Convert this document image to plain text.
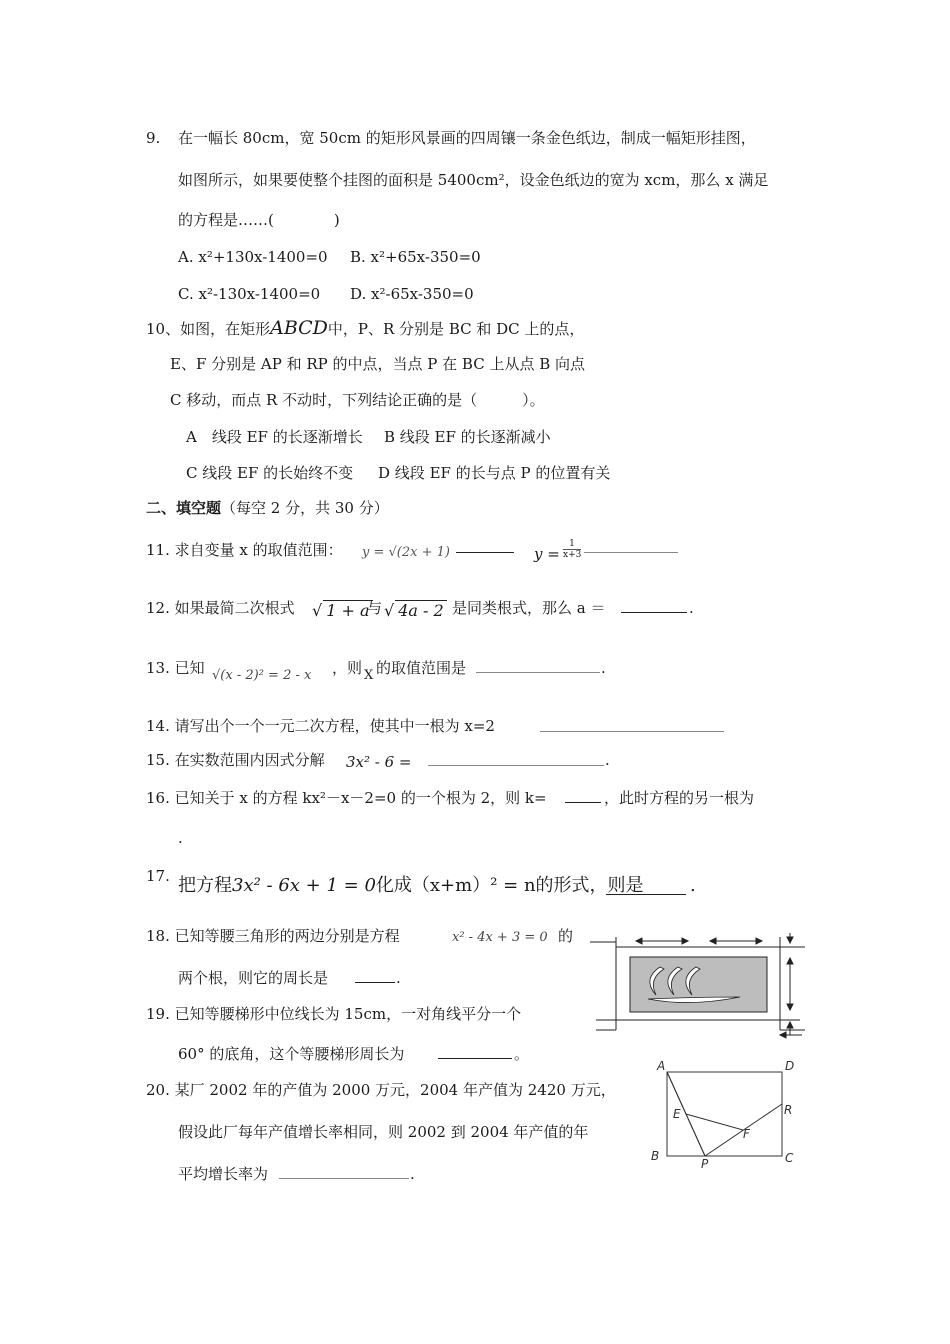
9. 在一幅长 80cm，宽 50cm 的矩形风景画的四周镶一条金色纸边，制成一幅矩形挂图，
如图所示，如果要使整个挂图的面积是 5400cm²，设金色纸边的宽为 xcm，那么 x 满足
的方程是……(　　　　)
A. x²+130x-1400=0 B. x²+65x-350=0
C. x²-130x-1400=0 D. x²-65x-350=0
10、如图，在矩形ABCD中，P、R 分别是 BC 和 DC 上的点，
E、F 分别是 AP 和 RP 的中点，当点 P 在 BC 上从点 B 向点
C 移动，而点 R 不动时，下列结论正确的是（　　　）。
A　线段 EF 的长逐渐增长 B 线段 EF 的长逐渐减小
C 线段 EF 的长始终不变 D 线段 EF 的长与点 P 的位置有关
二、填空题（每空 2 分，共 30 分）
11. 求自变量 x 的取值范围： y = √(2x + 1)	y =
1
x+3
12. 如果最简二次根式 √ 1 + a
与 √ 4a - 2 是同类根式，那么 a ＝	.
13. 已知 √(x - 2)² = 2 - x ，则 X 的取值范围是	.
14. 请写出个一个一元二次方程，使其中一根为 x=2
15. 在实数范围内因式分解 3x² - 6 =	.
16. 已知关于 x 的方程 kx²－x－2=0 的一个根为 2，则 k=	，此时方程的另一根为
.
17. 把方程3x² - 6x + 1 = 0化成（x+m）² = n的形式，则是	.
18. 已知等腰三角形的两边分别是方程	x² - 4x + 3 = 0 的
两个根，则它的周长是	.
19. 已知等腰梯形中位线长为 15cm，一对角线平分一个
60° 的底角，这个等腰梯形周长为	。
20. 某厂 2002 年的产值为 2000 万元，2004 年产值为 2420 万元，
假设此厂每年产值增长率相同，则 2002 到 2004 年产值的年
平均增长率为	.
A	D
B	C
E
F
P
R
